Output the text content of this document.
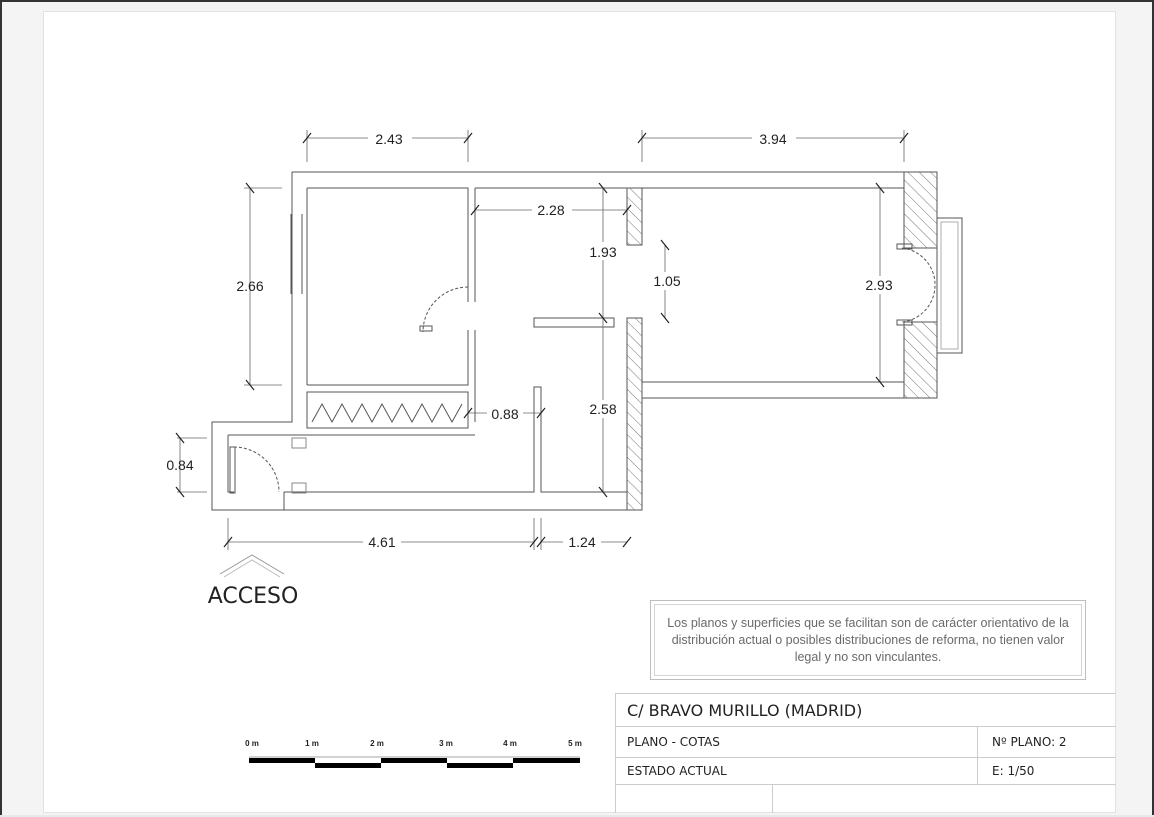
2.43	3.94
2.28
2.66
1.93
1.05	2.93
0.88	2.58
0.84
4.61	1.24
ACCESO
0 m	1 m	2 m	3 m	4 m	5 m
Los planos y superficies que se facilitan son de carácter orientativo de la distribución actual o posibles distribuciones de reforma, no tienen valor legal y no son vinculantes.
C/ BRAVO MURILLO (MADRID)
PLANO - COTAS	Nº PLANO: 2
ESTADO ACTUAL	E: 1/50
